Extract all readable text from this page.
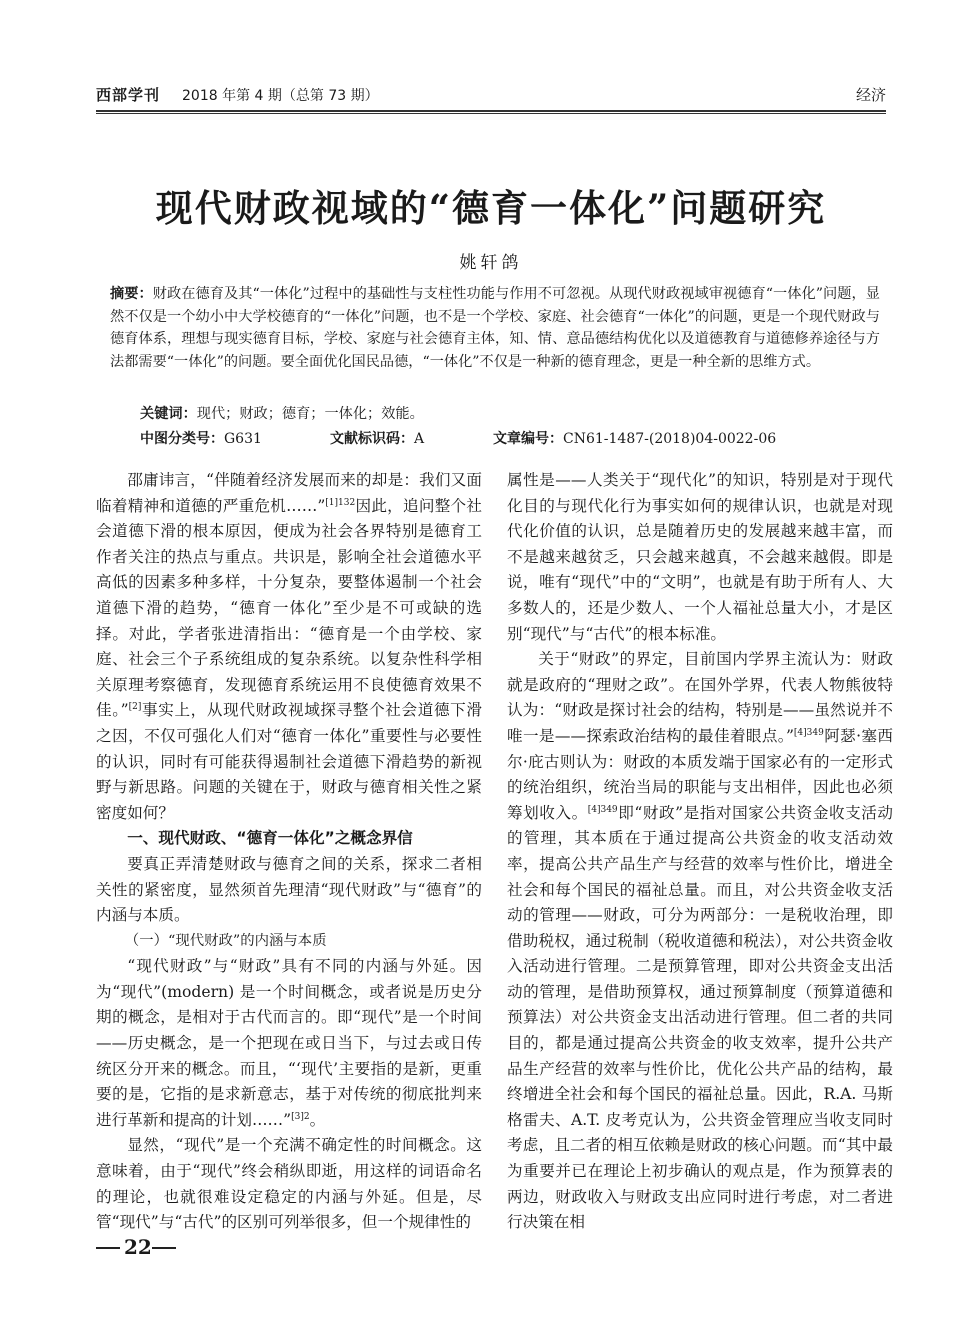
西部学刊 2018 年第 4 期（总第 73 期）	经济
现代财政视域的“德育一体化”问题研究
姚轩鸽
摘要：财政在德育及其“一体化”过程中的基础性与支柱性功能与作用不可忽视。从现代财政视域审视德育“一体化”问题，显然不仅是一个幼小中大学校德育的“一体化”问题，也不是一个学校、家庭、社会德育“一体化”的问题，更是一个现代财政与德育体系，理想与现实德育目标，学校、家庭与社会德育主体，知、情、意品德结构优化以及道德教育与道德修养途径与方法都需要“一体化”的问题。要全面优化国民品德，“一体化”不仅是一种新的德育理念，更是一种全新的思维方式。
关键词：现代；财政；德育；一体化；效能。
中图分类号：G631	文献标识码：A	文章编号：CN61-1487-(2018)04-0022-06

邵庸讳言，“伴随着经济发展而来的却是：我们又面临着精神和道德的严重危机……”$^{[1]132}$因此，追问整个社会道德下滑的根本原因，便成为社会各界特别是德育工作者关注的热点与重点。共识是，影响全社会道德水平高低的因素多种多样，十分复杂，要整体遏制一个社会道德下滑的趋势，“德育一体化”至少是不可或缺的选择。对此，学者张进清指出：“德育是一个由学校、家庭、社会三个子系统组成的复杂系统。以复杂性科学相关原理考察德育，发现德育系统运用不良使德育效果不佳。”[2]事实上，从现代财政视域探寻整个社会道德下滑之因，不仅可强化人们对“德育一体化”重要性与必要性的认识，同时有可能获得遏制社会道德下滑趋势的新视野与新思路。问题的关键在于，财政与德育相关性之紧密度如何？

一、现代财政、“德育一体化”之概念界信

要真正弄清楚财政与德育之间的关系，探求二者相关性的紧密度，显然须首先理清“现代财政”与“德育”的内涵与本质。

（一）“现代财政”的内涵与本质

“现代财政”与“财政”具有不同的内涵与外延。因为“现代”(modern) 是一个时间概念，或者说是历史分期的概念，是相对于古代而言的。即“现代”是一个时间——历史概念，是一个把现在或日当下，与过去或日传统区分开来的概念。而且，“‘现代’主要指的是新，更重要的是，它指的是求新意志，基于对传统的彻底批判来进行革新和提高的计划……”$^{[3]2}$。

显然，“现代”是一个充满不确定性的时间概念。这意味着，由于“现代”终会稍纵即逝，用这样的词语命名的理论，也就很难设定稳定的内涵与外延。但是，尽管“现代”与“古代”的区别可列举很多，但一个规律性的

属性是——人类关于“现代化”的知识，特别是对于现代化目的与现代化行为事实如何的规律认识，也就是对现代化价值的认识，总是随着历史的发展越来越丰富，而不是越来越贫乏，只会越来越真，不会越来越假。即是说，唯有“现代”中的“文明”，也就是有助于所有人、大多数人的，还是少数人、一个人福祉总量大小，才是区别“现代”与“古代”的根本标准。

关于“财政”的界定，目前国内学界主流认为：财政就是政府的“理财之政”。在国外学界，代表人物熊彼特认为：“财政是探讨社会的结构，特别是——虽然说并不唯一是——探索政治结构的最佳着眼点。”$^{[4]349}$阿瑟·塞西尔·庇古则认为：财政的本质发端于国家必有的一定形式的统治组织，统治当局的职能与支出相伴，因此也必须筹划收入。$^{[4]349}$即“财政”是指对国家公共资金收支活动的管理，其本质在于通过提高公共资金的收支活动效率，提高公共产品生产与经营的效率与性价比，增进全社会和每个国民的福祉总量。而且，对公共资金收支活动的管理——财政，可分为两部分：一是税收治理，即借助税权，通过税制（税收道德和税法），对公共资金收入活动进行管理。二是预算管理，即对公共资金支出活动的管理，是借助预算权，通过预算制度（预算道德和预算法）对公共资金支出活动进行管理。但二者的共同目的，都是通过提高公共资金的收支效率，提升公共产品生产经营的效率与性价比，优化公共产品的结构，最终增进全社会和每个国民的福祉总量。因此，R.A. 马斯格雷夫、A.T. 皮考克认为，公共资金管理应当收支同时考虑，且二者的相互依赖是财政的核心问题。而“其中最为重要并已在理论上初步确认的观点是，作为预算表的两边，财政收入与财政支出应同时进行考虑，对二者进行决策在相

22
